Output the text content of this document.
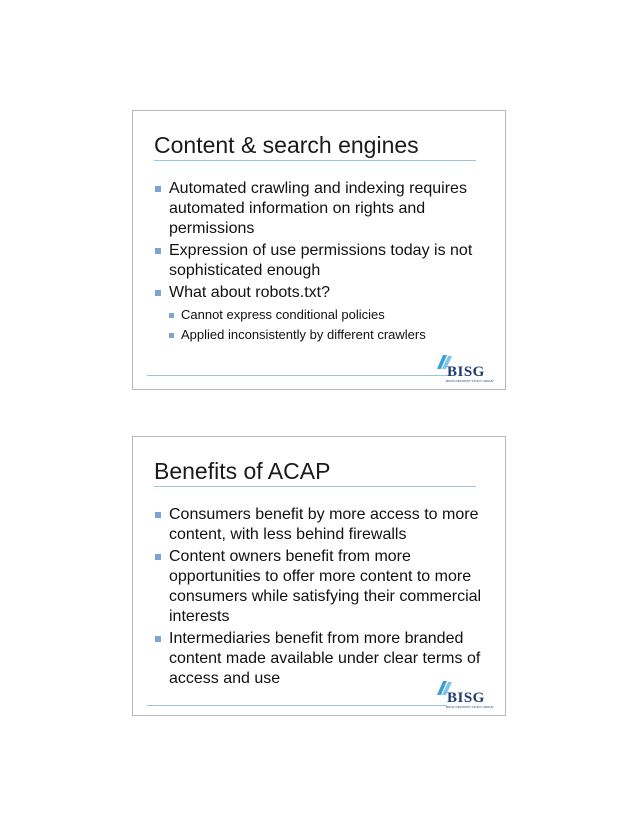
Content & search engines
Automated crawling and indexing requires automated information on rights and permissions
Expression of use permissions today is not sophisticated enough
What about robots.txt?
Cannot express conditional policies
Applied inconsistently by different crawlers
BISG
BOOK INDUSTRY STUDY GROUP
Benefits of ACAP
Consumers benefit by more access to more content, with less behind firewalls
Content owners benefit from more opportunities to offer more content to more consumers while satisfying their commercial interests
Intermediaries benefit from more branded content made available under clear terms of access and use
BISG
BOOK INDUSTRY STUDY GROUP
